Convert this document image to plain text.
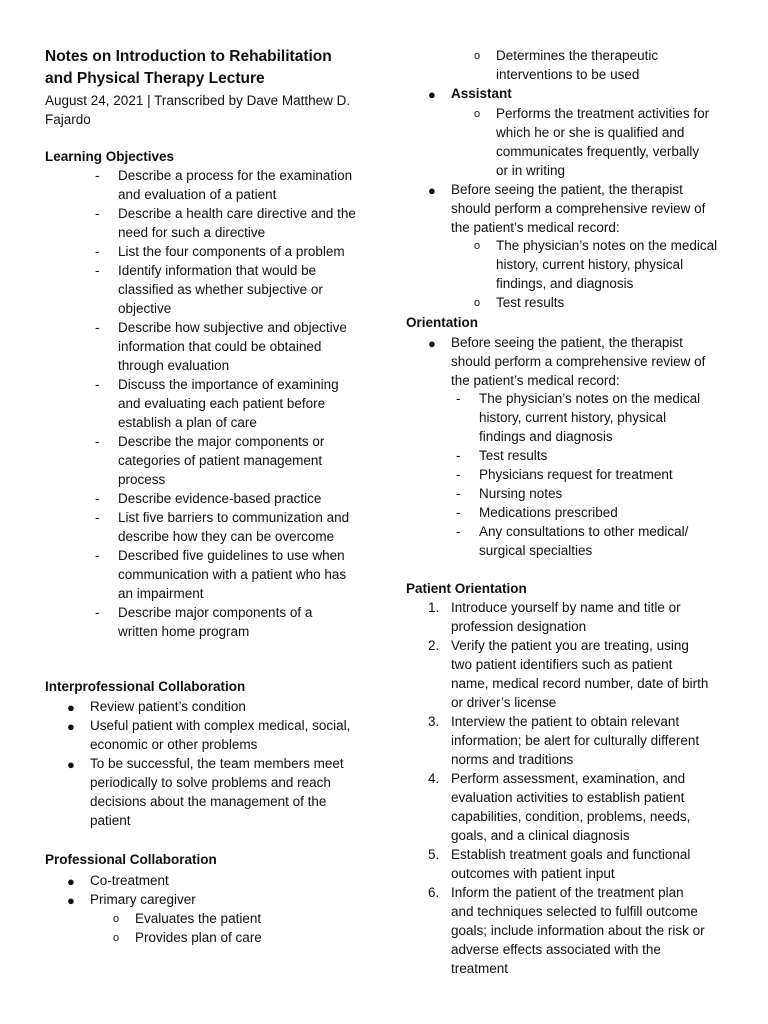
Notes on Introduction to Rehabilitation
and Physical Therapy Lecture
August 24, 2021 | Transcribed by Dave Matthew D.
Fajardo
Learning Objectives
- Describe a process for the examination
and evaluation of a patient
- Describe a health care directive and the
need for such a directive
- List the four components of a problem
- Identify information that would be
classified as whether subjective or
objective
- Describe how subjective and objective
information that could be obtained
through evaluation
- Discuss the importance of examining
and evaluating each patient before
establish a plan of care
- Describe the major components or
categories of patient management
process
- Describe evidence-based practice
- List five barriers to communization and
describe how they can be overcome
- Described five guidelines to use when
communication with a patient who has
an impairment
- Describe major components of a
written home program
Interprofessional Collaboration
● Review patient’s condition
● Useful patient with complex medical, social,
economic or other problems
● To be successful, the team members meet
periodically to solve problems and reach
decisions about the management of the
patient
Professional Collaboration
● Co-treatment
● Primary caregiver
o Evaluates the patient
o Provides plan of care
o Determines the therapeutic
interventions to be used
● Assistant
o Performs the treatment activities for
which he or she is qualified and
communicates frequently, verbally
or in writing
● Before seeing the patient, the therapist
should perform a comprehensive review of
the patient’s medical record:
o The physician’s notes on the medical
history, current history, physical
findings, and diagnosis
o Test results
Orientation
● Before seeing the patient, the therapist
should perform a comprehensive review of
the patient’s medical record:
- The physician’s notes on the medical
history, current history, physical
findings and diagnosis
- Test results
- Physicians request for treatment
- Nursing notes
- Medications prescribed
- Any consultations to other medical/
surgical specialties
Patient Orientation
1. Introduce yourself by name and title or
profession designation
2. Verify the patient you are treating, using
two patient identifiers such as patient
name, medical record number, date of birth
or driver’s license
3. Interview the patient to obtain relevant
information; be alert for culturally different
norms and traditions
4. Perform assessment, examination, and
evaluation activities to establish patient
capabilities, condition, problems, needs,
goals, and a clinical diagnosis
5. Establish treatment goals and functional
outcomes with patient input
6. Inform the patient of the treatment plan
and techniques selected to fulfill outcome
goals; include information about the risk or
adverse effects associated with the
treatment
